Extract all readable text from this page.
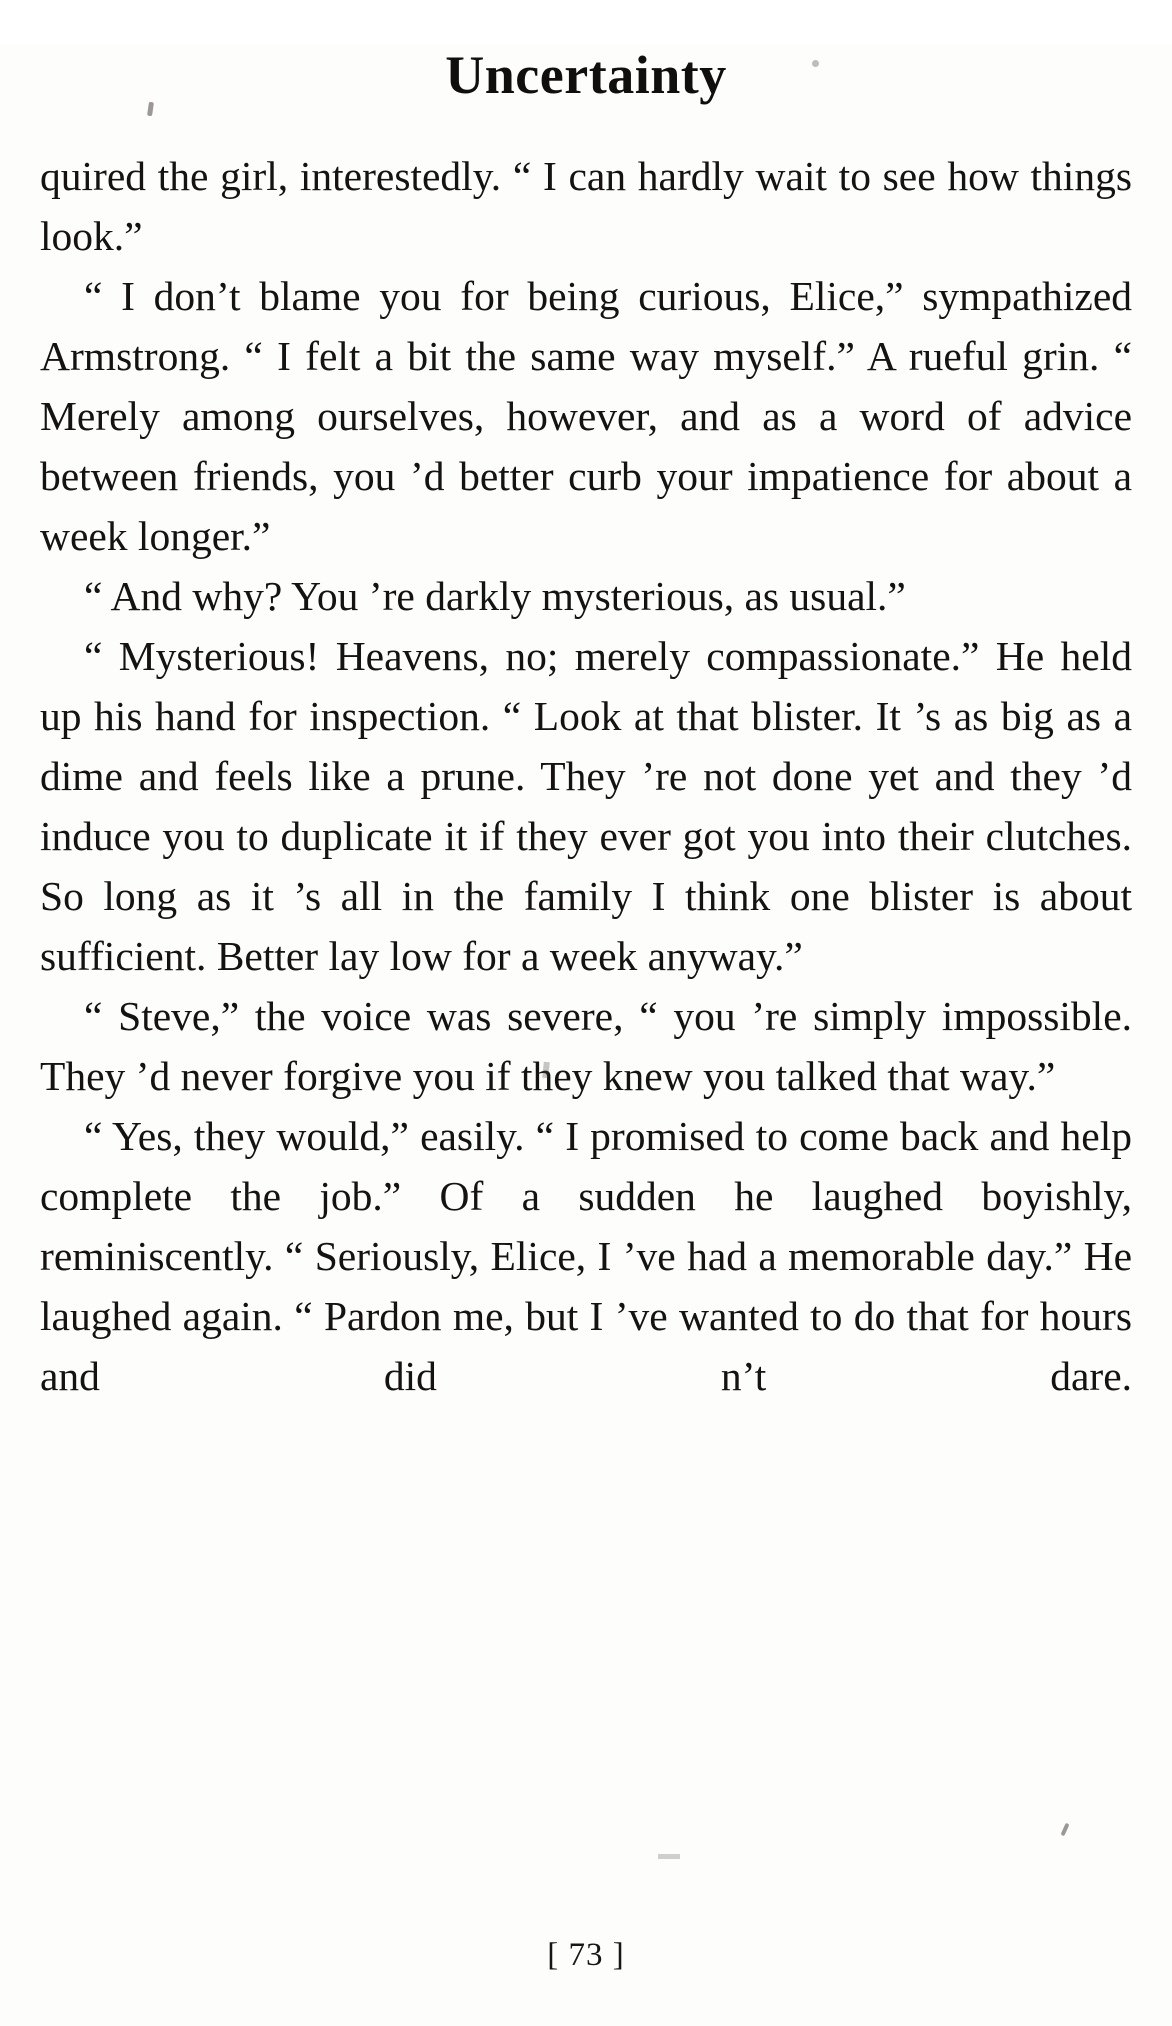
Uncertainty

quired the girl, interestedly. “ I can hardly wait to see how things look.”

“ I don’t blame you for being curious, Elice,” sympathized Armstrong. “ I felt a bit the same way myself.” A rueful grin. “ Merely among ourselves, however, and as a word of advice between friends, you ’d better curb your impatience for about a week longer.”

“ And why? You ’re darkly mysterious, as usual.”

“ Mysterious! Heavens, no; merely compassionate.” He held up his hand for inspection. “ Look at that blister. It ’s as big as a dime and feels like a prune. They ’re not done yet and they ’d induce you to duplicate it if they ever got you into their clutches. So long as it ’s all in the family I think one blister is about sufficient. Better lay low for a week anyway.”

“ Steve,” the voice was severe, “ you ’re simply impossible. They ’d never forgive you if they knew you talked that way.”

“ Yes, they would,” easily. “ I promised to come back and help complete the job.” Of a sudden he laughed boyishly, reminiscently. “ Seriously, Elice, I ’ve had a memorable day.” He laughed again. “ Pardon me, but I ’ve wanted to do that for hours and did n’t dare.

[ 73 ]
